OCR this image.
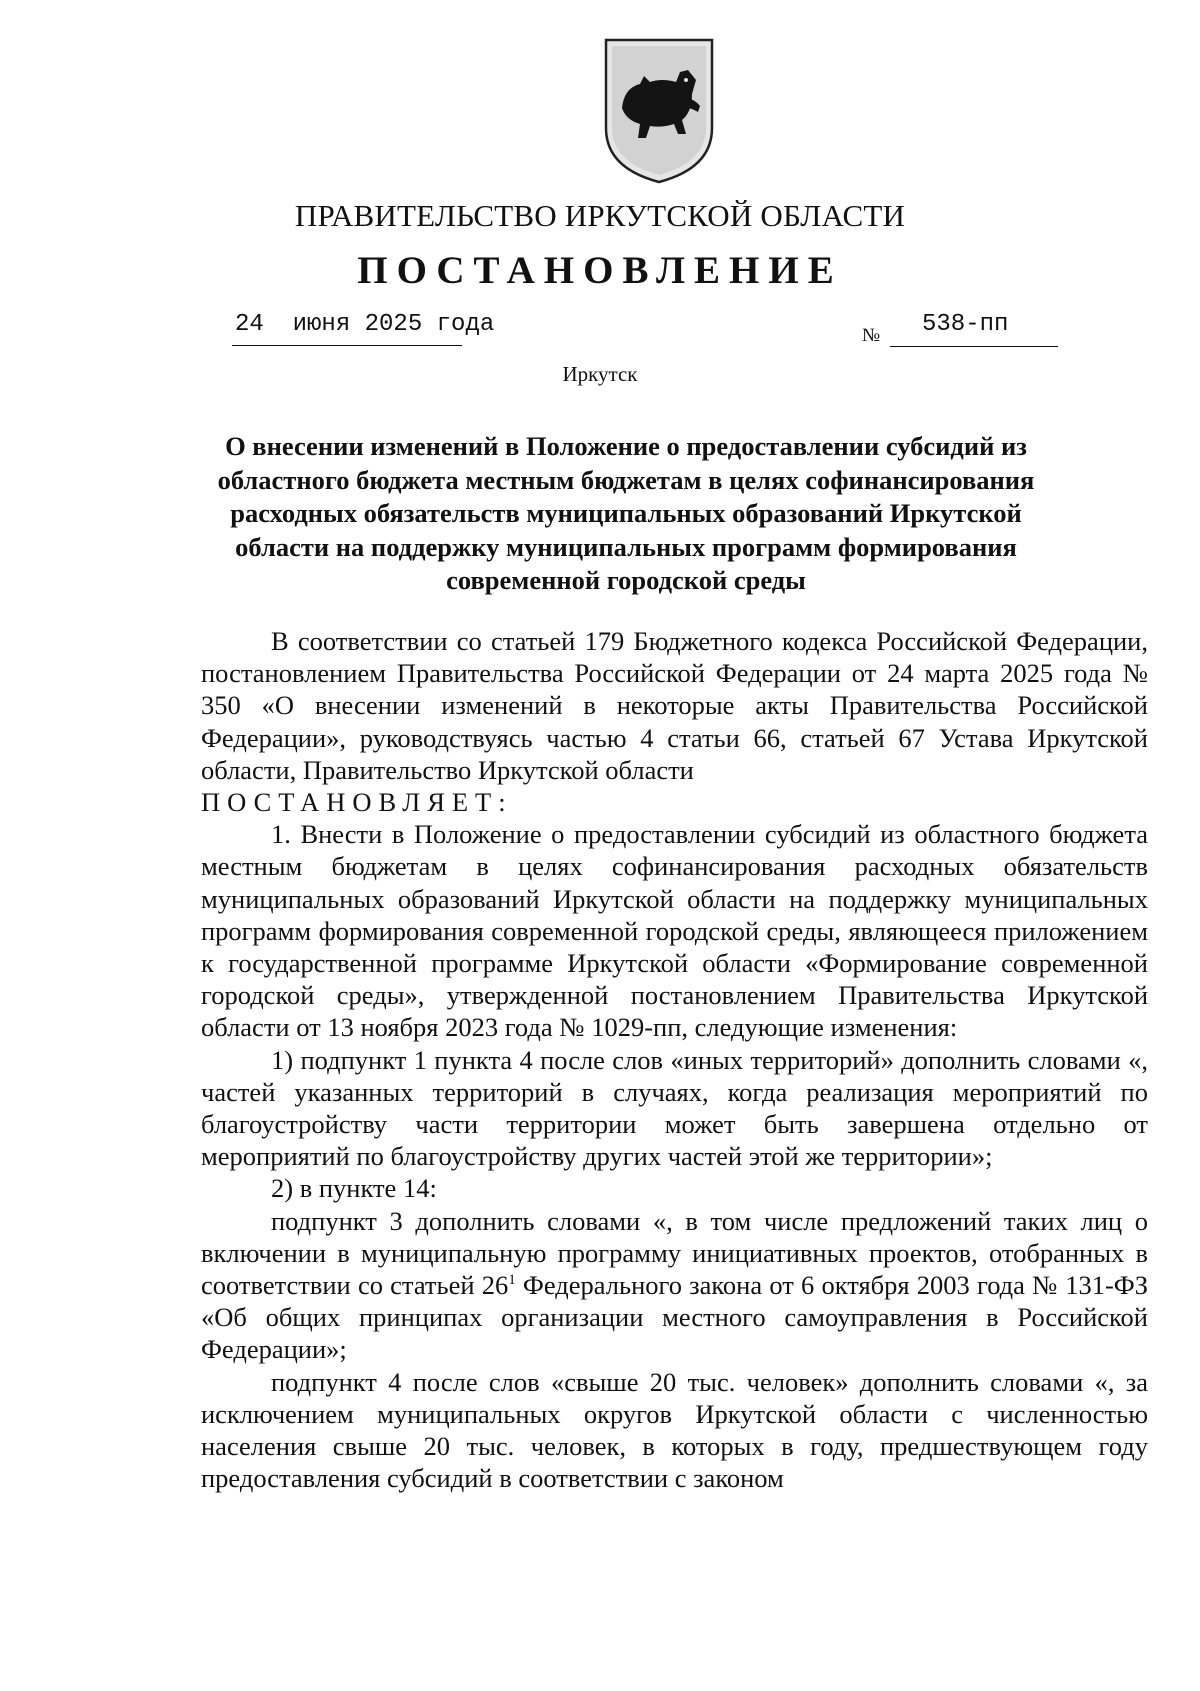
ПРАВИТЕЛЬСТВО ИРКУТСКОЙ ОБЛАСТИ
ПОСТАНОВЛЕНИЕ
24  июня 2025 года	№ 538-пп
Иркутск
О внесении изменений в Положение о предоставлении субсидий из областного бюджета местным бюджетам в целях софинансирования расходных обязательств муниципальных образований Иркутской области на поддержку муниципальных программ формирования современной городской среды

В соответствии со статьей 179 Бюджетного кодекса Российской Федерации, постановлением Правительства Российской Федерации от 24 марта 2025 года № 350 «О внесении изменений в некоторые акты Правительства Российской Федерации», руководствуясь частью 4 статьи 66, статьей 67 Устава Иркутской области, Правительство Иркутской области

ПОСТАНОВЛЯЕТ:

1. Внести в Положение о предоставлении субсидий из областного бюджета местным бюджетам в целях софинансирования расходных обязательств муниципальных образований Иркутской области на поддержку муниципальных программ формирования современной городской среды, являющееся приложением к государственной программе Иркутской области «Формирование современной городской среды», утвержденной постановлением Правительства Иркутской области от 13 ноября 2023 года № 1029-пп, следующие изменения:

1) подпункт 1 пункта 4 после слов «иных территорий» дополнить словами «, частей указанных территорий в случаях, когда реализация мероприятий по благоустройству части территории может быть завершена отдельно от мероприятий по благоустройству других частей этой же территории»;

2) в пункте 14:

подпункт 3 дополнить словами «, в том числе предложений таких лиц о включении в муниципальную программу инициативных проектов, отобранных в соответствии со статьей $26^1$ Федерального закона от 6 октября 2003 года № 131-ФЗ «Об общих принципах организации местного самоуправления в Российской Федерации»;

подпункт 4 после слов «свыше 20 тыс. человек» дополнить словами «, за исключением муниципальных округов Иркутской области с численностью населения свыше 20 тыс. человек, в которых в году, предшествующем году предоставления субсидий в соответствии с законом
